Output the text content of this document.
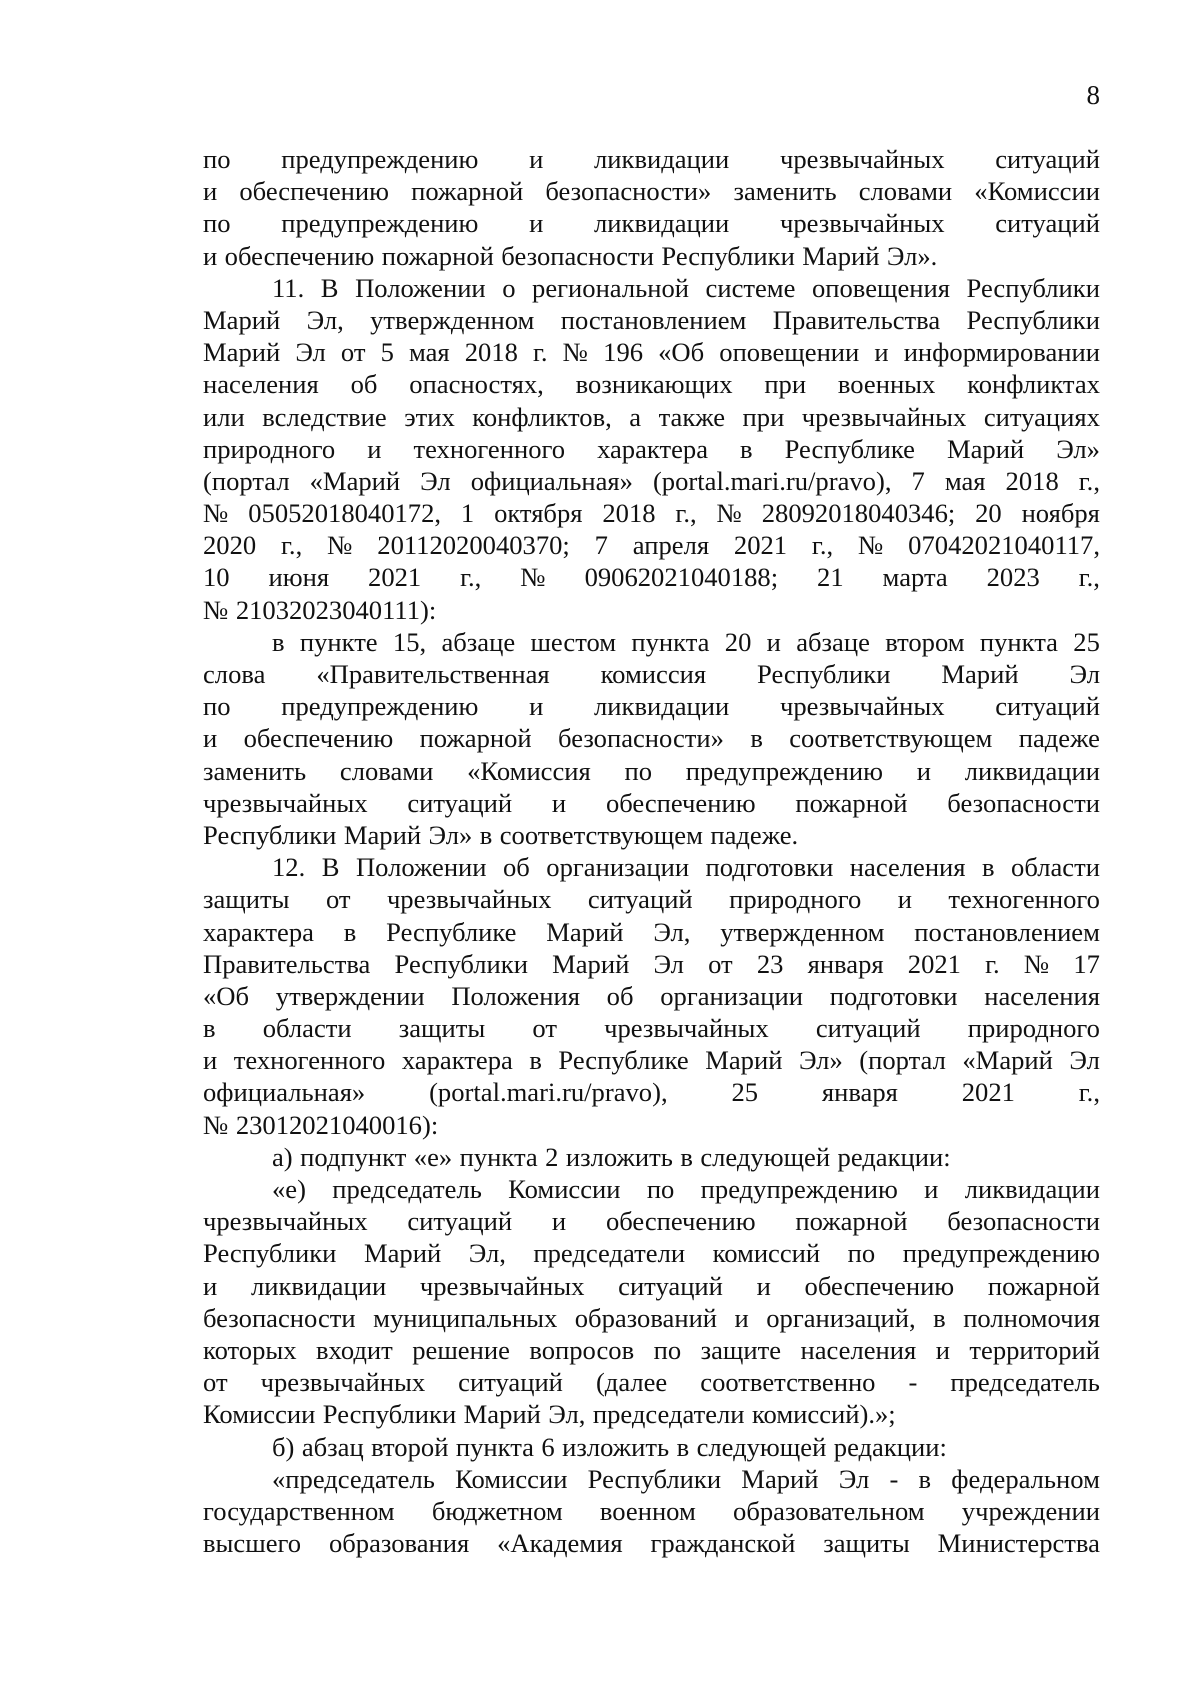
8
по предупреждению и ликвидации чрезвычайных ситуаций
и обеспечению пожарной безопасности» заменить словами «Комиссии
по предупреждению и ликвидации чрезвычайных ситуаций
и обеспечению пожарной безопасности Республики Марий Эл».
11. В Положении о региональной системе оповещения Республики
Марий Эл, утвержденном постановлением Правительства Республики
Марий Эл от 5 мая 2018 г. № 196 «Об оповещении и информировании
населения об опасностях, возникающих при военных конфликтах
или вследствие этих конфликтов, а также при чрезвычайных ситуациях
природного и техногенного характера в Республике Марий Эл»
(портал «Марий Эл официальная» (portal.mari.ru/pravo), 7 мая 2018 г.,
№ 05052018040172, 1 октября 2018 г., № 28092018040346; 20 ноября
2020 г., № 20112020040370; 7 апреля 2021 г., № 07042021040117,
10 июня 2021 г., № 09062021040188; 21 марта 2023 г.,
№ 21032023040111):
в пункте 15, абзаце шестом пункта 20 и абзаце втором пункта 25
слова «Правительственная комиссия Республики Марий Эл
по предупреждению и ликвидации чрезвычайных ситуаций
и обеспечению пожарной безопасности» в соответствующем падеже
заменить словами «Комиссия по предупреждению и ликвидации
чрезвычайных ситуаций и обеспечению пожарной безопасности
Республики Марий Эл» в соответствующем падеже.
12. В Положении об организации подготовки населения в области
защиты от чрезвычайных ситуаций природного и техногенного
характера в Республике Марий Эл, утвержденном постановлением
Правительства Республики Марий Эл от 23 января 2021 г. № 17
«Об утверждении Положения об организации подготовки населения
в области защиты от чрезвычайных ситуаций природного
и техногенного характера в Республике Марий Эл» (портал «Марий Эл
официальная» (portal.mari.ru/pravo), 25 января 2021 г.,
№ 23012021040016):
а) подпункт «е» пункта 2 изложить в следующей редакции:
«е) председатель Комиссии по предупреждению и ликвидации
чрезвычайных ситуаций и обеспечению пожарной безопасности
Республики Марий Эл, председатели комиссий по предупреждению
и ликвидации чрезвычайных ситуаций и обеспечению пожарной
безопасности муниципальных образований и организаций, в полномочия
которых входит решение вопросов по защите населения и территорий
от чрезвычайных ситуаций (далее соответственно - председатель
Комиссии Республики Марий Эл, председатели комиссий).»;
б) абзац второй пункта 6 изложить в следующей редакции:
«председатель Комиссии Республики Марий Эл - в федеральном
государственном бюджетном военном образовательном учреждении
высшего образования «Академия гражданской защиты Министерства
